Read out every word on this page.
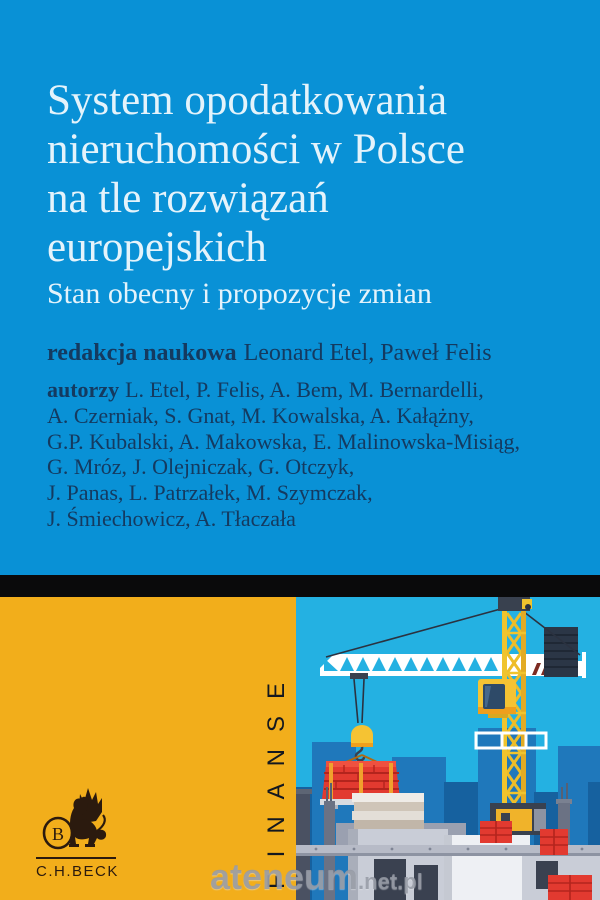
System opodatkowania
nieruchomości w Polsce
na tle rozwiązań
europejskich
Stan obecny i propozycje zmian
redakcja naukowa Leonard Etel, Paweł Felis
autorzy L. Etel, P. Felis, A. Bem, M. Bernardelli,
A. Czerniak, S. Gnat, M. Kowalska, A. Kałążny,
G.P. Kubalski, A. Makowska, E. Malinowska-Misiąg,
G. Mróz, J. Olejniczak, G. Otczyk,
J. Panas, L. Patrzałek, M. Szymczak,
J. Śmiechowicz, A. Tłaczała
FINANSE
B
C.H.BECK	ateneum.net.pl
